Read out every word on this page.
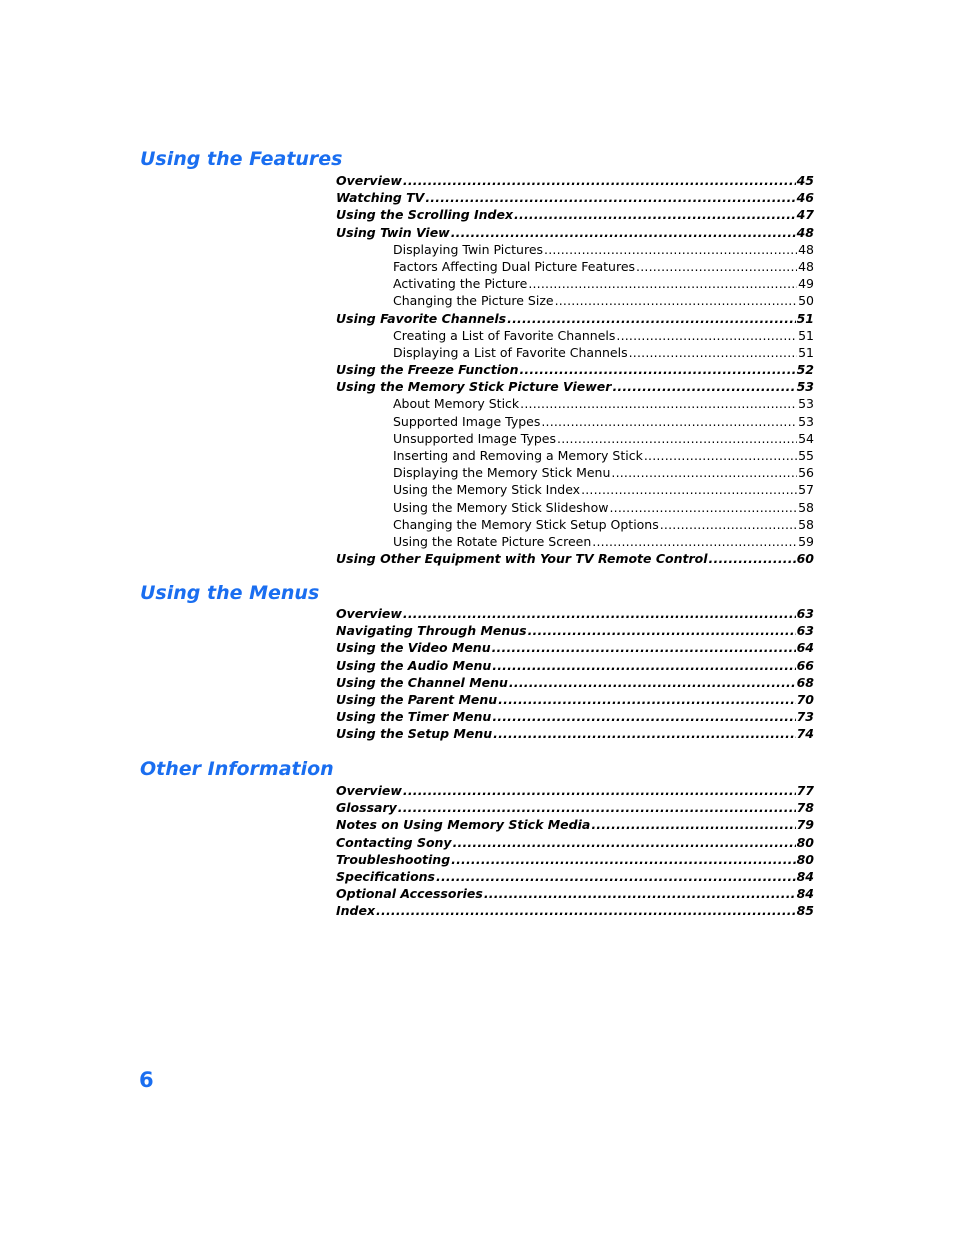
Using the Features
Overview .....	45
Watching TV .....	46
Using the Scrolling Index .....	47
Using Twin View .....	48
Displaying Twin Pictures .....	48
Factors Affecting Dual Picture Features .....	48
Activating the Picture .....	49
Changing the Picture Size .....	50
Using Favorite Channels .....	51
Creating a List of Favorite Channels .....	51
Displaying a List of Favorite Channels .....	51
Using the Freeze Function .....	52
Using the Memory Stick Picture Viewer .....	53
About Memory Stick .....	53
Supported Image Types .....	53
Unsupported Image Types .....	54
Inserting and Removing a Memory Stick .....	55
Displaying the Memory Stick Menu .....	56
Using the Memory Stick Index .....	57
Using the Memory Stick Slideshow .....	58
Changing the Memory Stick Setup Options .....	58
Using the Rotate Picture Screen .....	59
Using Other Equipment with Your TV Remote Control .....	60
Using the Menus
Overview .....	63
Navigating Through Menus .....	63
Using the Video Menu .....	64
Using the Audio Menu .....	66
Using the Channel Menu .....	68
Using the Parent Menu .....	70
Using the Timer Menu .....	73
Using the Setup Menu .....	74
Other Information
Overview .....	77
Glossary .....	78
Notes on Using Memory Stick Media .....	79
Contacting Sony .....	80
Troubleshooting .....	80
Specifications .....	84
Optional Accessories .....	84
Index .....	85
6
